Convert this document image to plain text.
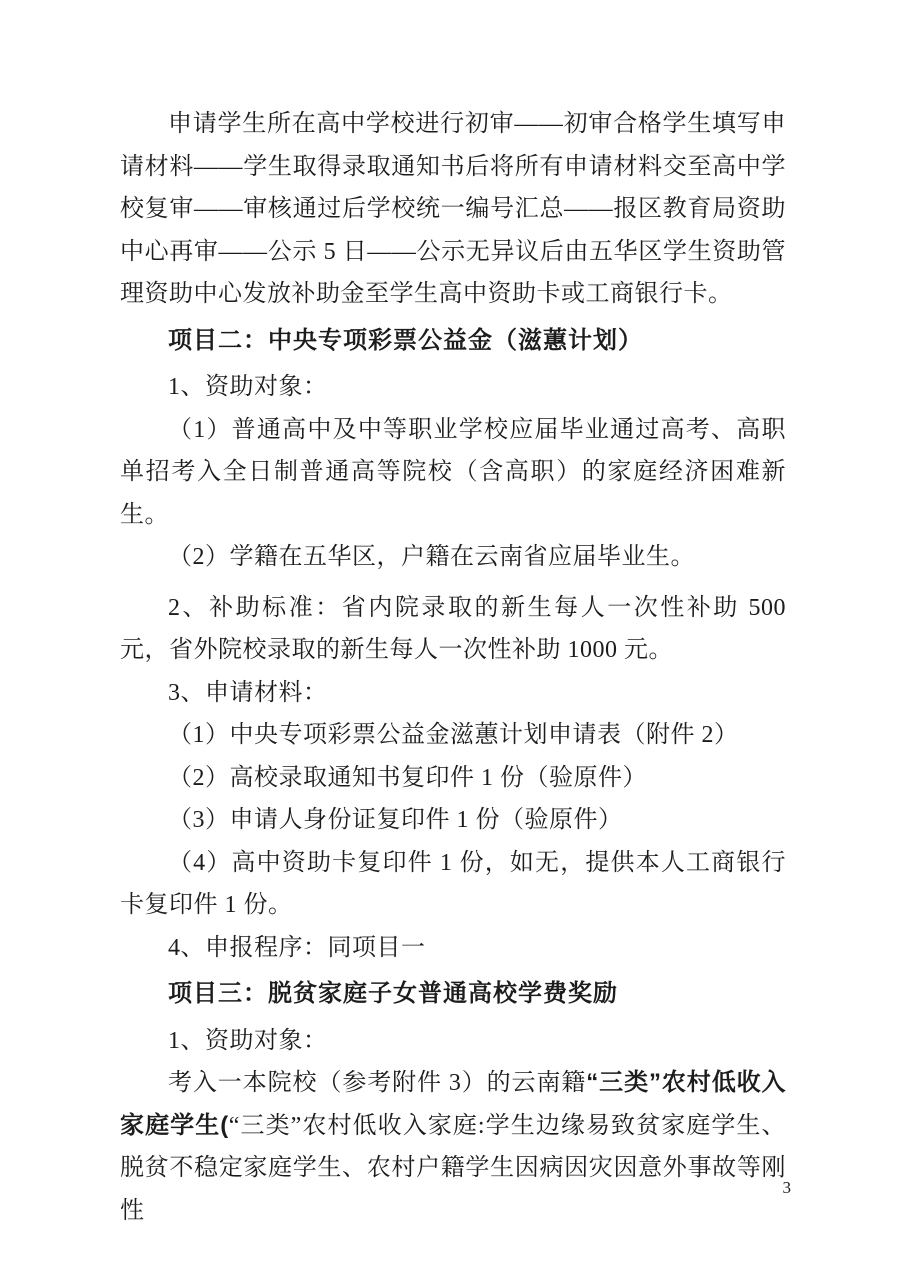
申请学生所在高中学校进行初审——初审合格学生填写申请材料——学生取得录取通知书后将所有申请材料交至高中学校复审——审核通过后学校统一编号汇总——报区教育局资助中心再审——公示 5 日——公示无异议后由五华区学生资助管理资助中心发放补助金至学生高中资助卡或工商银行卡。

项目二：中央专项彩票公益金（滋蕙计划）

1、资助对象：

（1）普通高中及中等职业学校应届毕业通过高考、高职单招考入全日制普通高等院校（含高职）的家庭经济困难新生。

（2）学籍在五华区，户籍在云南省应届毕业生。

2、补助标准：省内院录取的新生每人一次性补助 500 元，省外院校录取的新生每人一次性补助 1000 元。

3、申请材料：

（1）中央专项彩票公益金滋蕙计划申请表（附件 2）

（2）高校录取通知书复印件 1 份（验原件）

（3）申请人身份证复印件 1 份（验原件）

（4）高中资助卡复印件 1 份，如无，提供本人工商银行卡复印件 1 份。

4、申报程序：同项目一

项目三：脱贫家庭子女普通高校学费奖励

1、资助对象：

考入一本院校（参考附件 3）的云南籍“三类”农村低收入家庭学生(“三类”农村低收入家庭:学生边缘易致贫家庭学生、脱贫不稳定家庭学生、农村户籍学生因病因灾因意外事故等刚性

3
